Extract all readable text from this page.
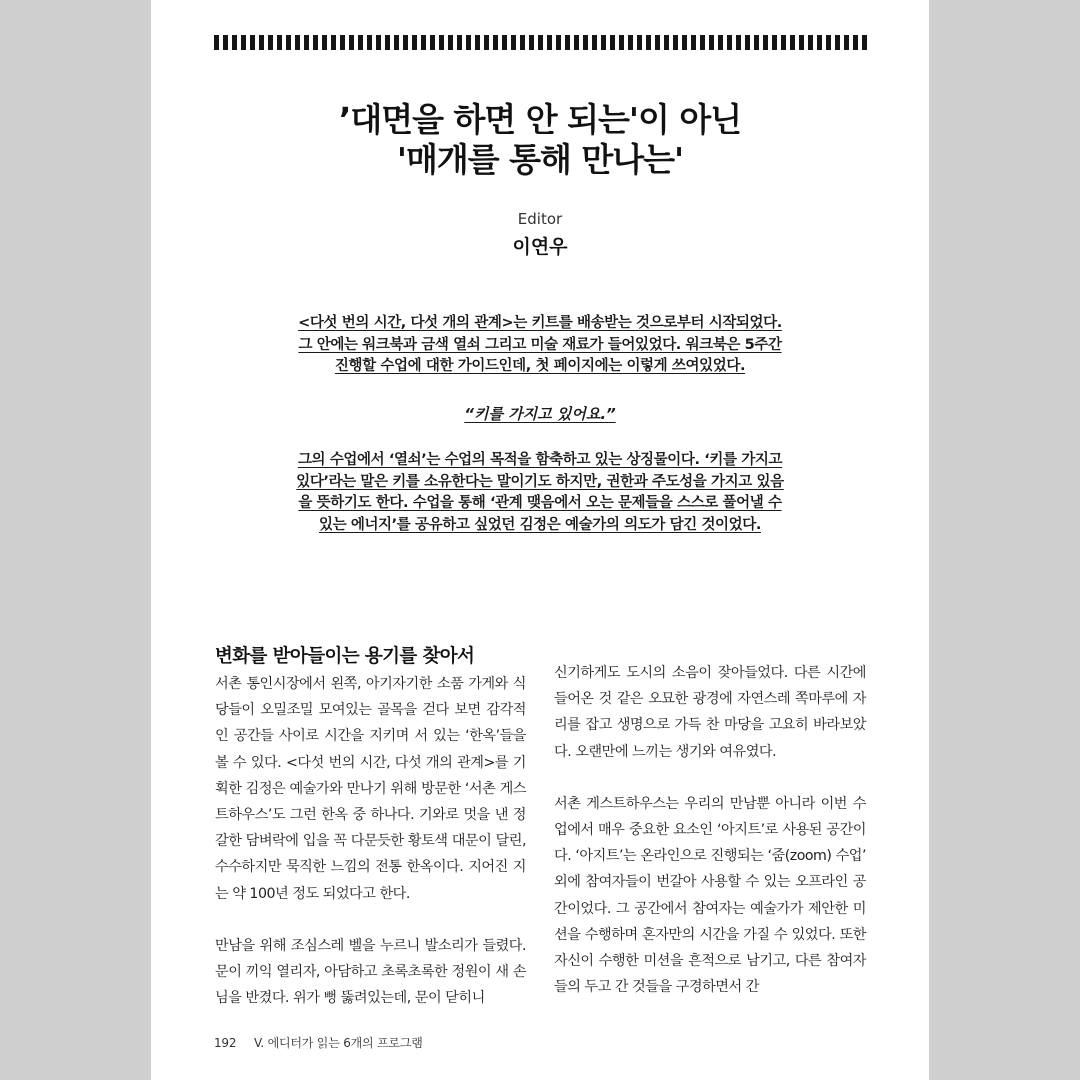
’대면을 하면 안 되는'이 아닌
'매개를 통해 만나는'
Editor
이연우
<다섯 번의 시간, 다섯 개의 관계>는 키트를 배송받는 것으로부터 시작되었다.
그 안에는 워크북과 금색 열쇠 그리고 미술 재료가 들어있었다. 워크북은 5주간
진행할 수업에 대한 가이드인데, 첫 페이지에는 이렇게 쓰여있었다.
“키를 가지고 있어요.”
그의 수업에서 ‘열쇠’는 수업의 목적을 함축하고 있는 상징물이다. ‘키를 가지고
있다’라는 말은 키를 소유한다는 말이기도 하지만, 권한과 주도성을 가지고 있음
을 뜻하기도 한다. 수업을 통해 ‘관계 맺음에서 오는 문제들을 스스로 풀어낼 수
있는 에너지’를 공유하고 싶었던 김정은 예술가의 의도가 담긴 것이었다.
변화를 받아들이는 용기를 찾아서

서촌 통인시장에서 왼쪽, 아기자기한 소품 가게와 식당들이 오밀조밀 모여있는 골목을 걷다 보면 감각적인 공간들 사이로 시간을 지키며 서 있는 ‘한옥’들을 볼 수 있다. <다섯 번의 시간, 다섯 개의 관계>를 기획한 김정은 예술가와 만나기 위해 방문한 ‘서촌 게스트하우스’도 그런 한옥 중 하나다. 기와로 멋을 낸 정갈한 담벼락에 입을 꼭 다문듯한 황토색 대문이 달린, 수수하지만 묵직한 느낌의 전통 한옥이다. 지어진 지는 약 100년 정도 되었다고 한다.

만남을 위해 조심스레 벨을 누르니 발소리가 들렸다. 문이 끼익 열리자, 아담하고 초록초록한 정원이 새 손님을 반겼다. 위가 뻥 뚫려있는데, 문이 닫히니

신기하게도 도시의 소음이 잦아들었다. 다른 시간에 들어온 것 같은 오묘한 광경에 자연스레 쪽마루에 자리를 잡고 생명으로 가득 찬 마당을 고요히 바라보았다. 오랜만에 느끼는 생기와 여유였다.

서촌 게스트하우스는 우리의 만남뿐 아니라 이번 수업에서 매우 중요한 요소인 ‘아지트’로 사용된 공간이다. ‘아지트’는 온라인으로 진행되는 ‘줌(zoom) 수업’ 외에 참여자들이 번갈아 사용할 수 있는 오프라인 공간이었다. 그 공간에서 참여자는 예술가가 제안한 미션을 수행하며 혼자만의 시간을 가질 수 있었다. 또한 자신이 수행한 미션을 흔적으로 남기고, 다른 참여자들의 두고 간 것들을 구경하면서 간

192 V. 에디터가 읽는 6개의 프로그램
